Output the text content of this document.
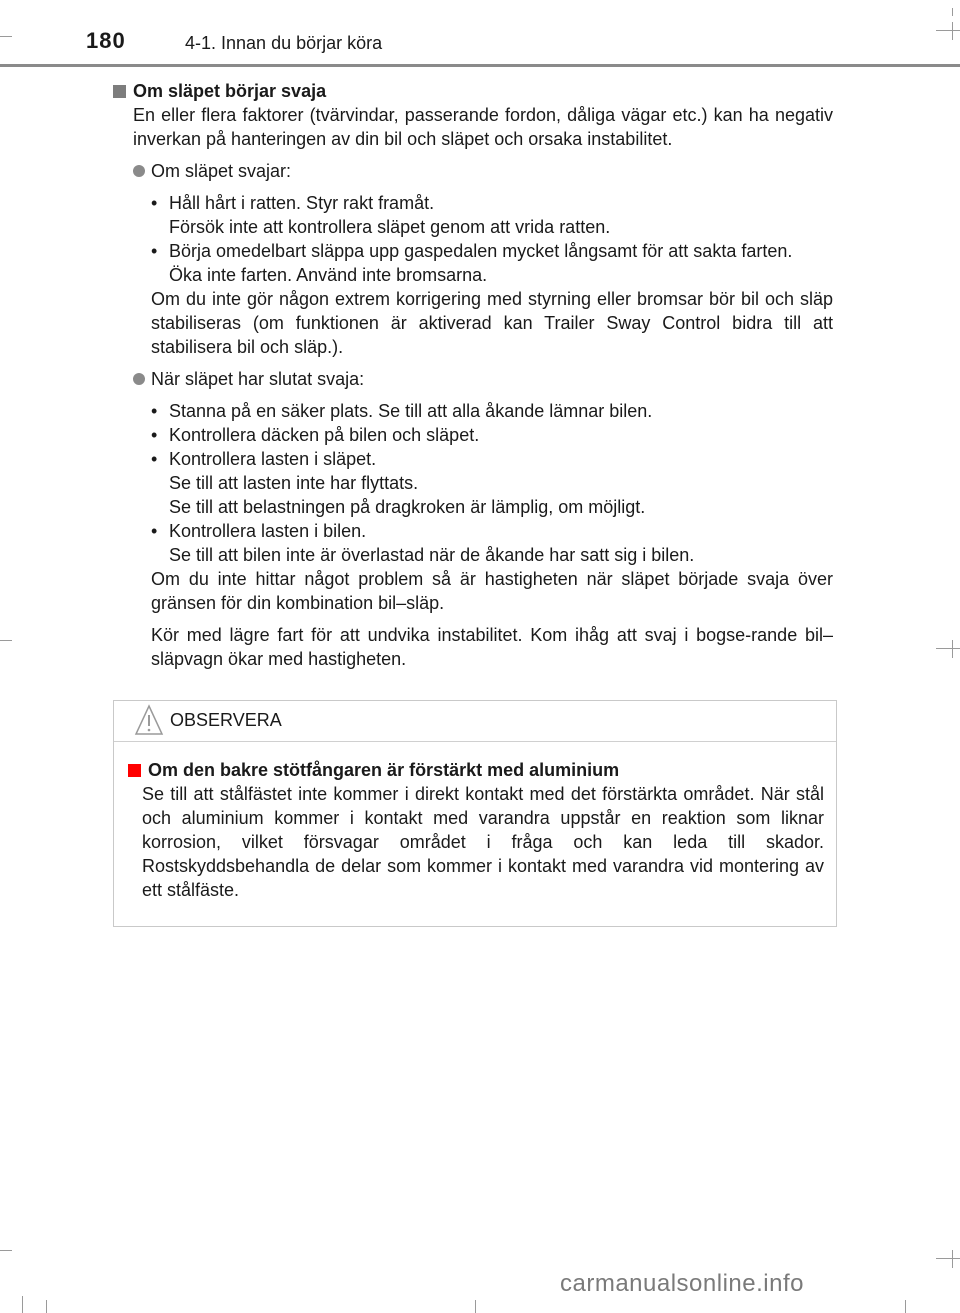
180	4-1. Innan du börjar köra
Om släpet börjar svaja
En eller flera faktorer (tvärvindar, passerande fordon, dåliga vägar etc.) kan ha negativ inverkan på hanteringen av din bil och släpet och orsaka instabilitet.
Om släpet svajar:
• Håll hårt i ratten. Styr rakt framåt.
Försök inte att kontrollera släpet genom att vrida ratten.
• Börja omedelbart släppa upp gaspedalen mycket långsamt för att sakta farten.
Öka inte farten. Använd inte bromsarna.
Om du inte gör någon extrem korrigering med styrning eller bromsar bör bil och släp stabiliseras (om funktionen är aktiverad kan Trailer Sway Control bidra till att stabilisera bil och släp.).
När släpet har slutat svaja:
• Stanna på en säker plats. Se till att alla åkande lämnar bilen.
• Kontrollera däcken på bilen och släpet.
• Kontrollera lasten i släpet.
Se till att lasten inte har flyttats.
Se till att belastningen på dragkroken är lämplig, om möjligt.
• Kontrollera lasten i bilen.
Se till att bilen inte är överlastad när de åkande har satt sig i bilen.
Om du inte hittar något problem så är hastigheten när släpet började svaja över gränsen för din kombination bil–släp.
Kör med lägre fart för att undvika instabilitet. Kom ihåg att svaj i bogse-rande bil–släpvagn ökar med hastigheten.
OBSERVERA
Om den bakre stötfångaren är förstärkt med aluminium
Se till att stålfästet inte kommer i direkt kontakt med det förstärkta området. När stål och aluminium kommer i kontakt med varandra uppstår en reaktion som liknar korrosion, vilket försvagar området i fråga och kan leda till skador. Rostskyddsbehandla de delar som kommer i kontakt med varandra vid montering av ett stålfäste.
carmanualsonline.info
